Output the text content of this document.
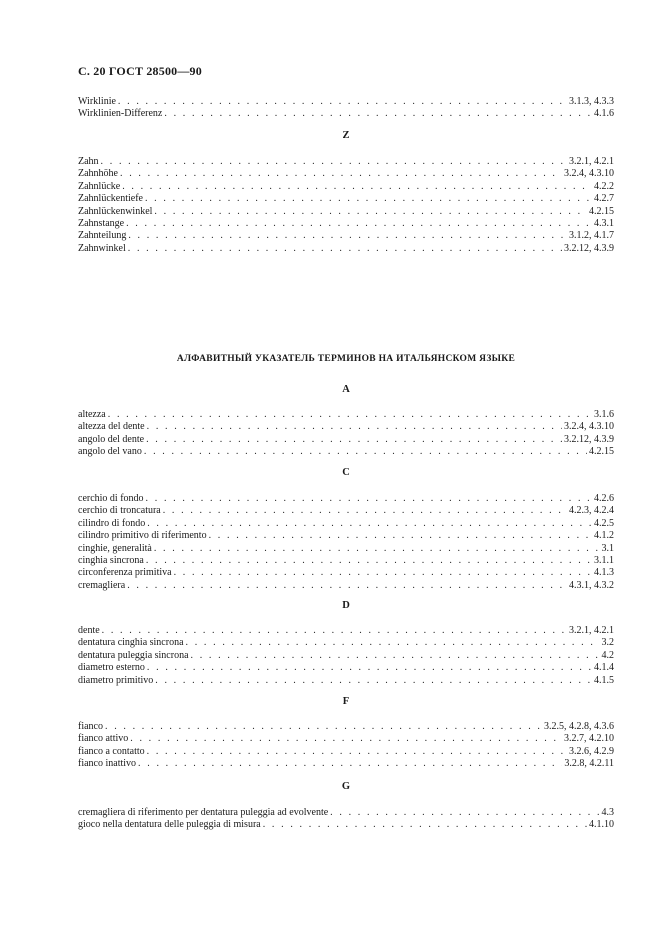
С. 20 ГОСТ 28500—90
Wirklinie . . .	3.1.3, 4.3.3
Wirklinien-Differenz . . .	4.1.6
Z
Zahn . . .	3.2.1, 4.2.1
Zahnhöhe . . .	3.2.4, 4.3.10
Zahnlücke . . .	4.2.2
Zahnlückentiefe . . .	4.2.7
Zahnlückenwinkel . . .	4.2.15
Zahnstange . . .	4.3.1
Zahnteilung . . .	3.1.2, 4.1.7
Zahnwinkel . . .	3.2.12, 4.3.9
АЛФАВИТНЫЙ УКАЗАТЕЛЬ ТЕРМИНОВ НА ИТАЛЬЯНСКОМ ЯЗЫКЕ
A
altezza . . .	3.1.6
altezza del dente . . .	3.2.4, 4.3.10
angolo del dente . . .	3.2.12, 4.3.9
angolo del vano . . .	4.2.15
C
cerchio di fondo . . .	4.2.6
cerchio di troncatura . . .	4.2.3, 4.2.4
cilindro di fondo . . .	4.2.5
cilindro primitivo di riferimento . . .	4.1.2
cinghie, generalità . . .	3.1
cinghia sincrona . . .	3.1.1
circonferenza primitiva . . .	4.1.3
cremagliera . . .	4.3.1, 4.3.2
D
dente . . .	3.2.1, 4.2.1
dentatura cinghia sincrona . . .	3.2
dentatura puleggia sincrona . . .	4.2
diametro esterno . . .	4.1.4
diametro primitivo . . .	4.1.5
F
fianco . . .	3.2.5, 4.2.8, 4.3.6
fianco attivo . . .	3.2.7, 4.2.10
fianco a contatto . . .	3.2.6, 4.2.9
fianco inattivo . . .	3.2.8, 4.2.11
G
cremagliera di riferimento per dentatura puleggia ad evolvente . . .	4.3
gioco nella dentatura delle puleggia di misura . . .	4.1.10
